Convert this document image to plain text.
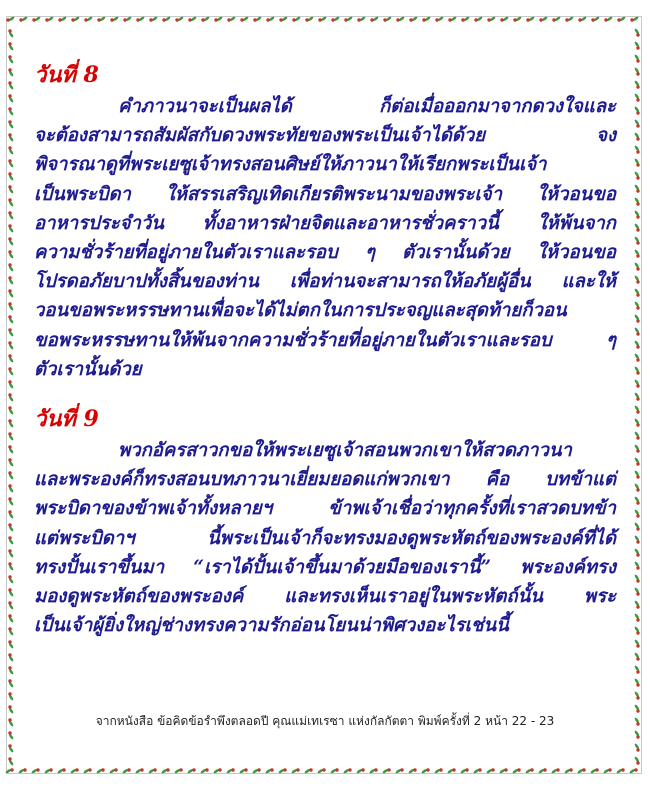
วันที่ 8

คำภาวนาจะเป็นผลได้ ก็ต่อเมื่อออกมาจากดวงใจและ
จะต้องสามารถสัมผัสกับดวงพระทัยของพระเป็นเจ้าได้ด้วย จง
พิจารณาดูที่พระเยซูเจ้าทรงสอนศิษย์ให้ภาวนาให้เรียกพระเป็นเจ้า
เป็นพระบิดา ให้สรรเสริญเทิดเกียรติพระนามของพระเจ้า ให้วอนขอ
อาหารประจำวัน ทั้งอาหารฝ่ายจิตและอาหารชั่วคราวนี้ ให้พ้นจาก
ความชั่วร้ายที่อยู่ภายในตัวเราและรอบ ๆ ตัวเรานั้นด้วย ให้วอนขอ
โปรดอภัยบาปทั้งสิ้นของท่าน เพื่อท่านจะสามารถให้อภัยผู้อื่น และให้
วอนขอพระหรรษทานเพื่อจะได้ไม่ตกในการประจญและสุดท้ายก็วอน
ขอพระหรรษทานให้พ้นจากความชั่วร้ายที่อยู่ภายในตัวเราและรอบ ๆ
ตัวเรานั้นด้วย

วันที่ 9

พวกอัครสาวกขอให้พระเยซูเจ้าสอนพวกเขาให้สวดภาวนา
และพระองค์ก็ทรงสอนบทภาวนาเยี่ยมยอดแก่พวกเขา คือ บทข้าแต่
พระบิดาของข้าพเจ้าทั้งหลายฯ ข้าพเจ้าเชื่อว่าทุกครั้งที่เราสวดบทข้า
แต่พระบิดาฯ นี้พระเป็นเจ้าก็จะทรงมองดูพระหัตถ์ของพระองค์ที่ได้
ทรงปั้นเราขึ้นมา “เราได้ปั้นเจ้าขึ้นมาด้วยมือของเรานี้” พระองค์ทรง
มองดูพระหัตถ์ของพระองค์ และทรงเห็นเราอยู่ในพระหัตถ์นั้น พระ
เป็นเจ้าผู้ยิ่งใหญ่ช่างทรงความรักอ่อนโยนน่าพิศวงอะไรเช่นนี้

จากหนังสือ ข้อคิดข้อรำพึงตลอดปี คุณแม่เทเรซา แห่งกัลกัตตา พิมพ์ครั้งที่ 2 หน้า 22 - 23
